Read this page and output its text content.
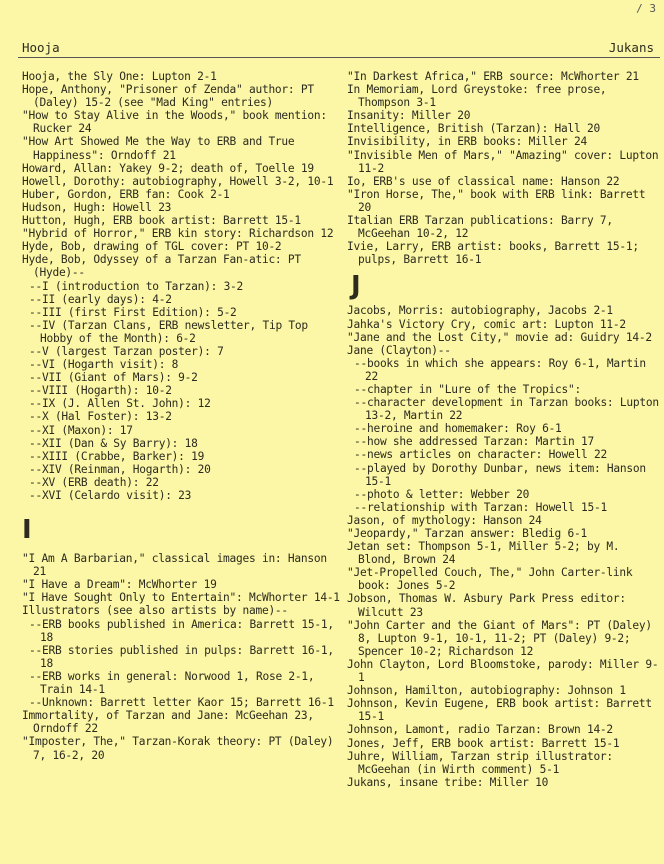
/ 3
Hooja	Jukans
Hooja, the Sly One: Lupton 2-1
Hope, Anthony, "Prisoner of Zenda" author: PT (Daley) 15-2 (see "Mad King" entries)
"How to Stay Alive in the Woods," book mention: Rucker 24
"How Art Showed Me the Way to ERB and True Happiness": Orndoff 21
Howard, Allan: Yakey 9-2; death of, Toelle 19
Howell, Dorothy: autobiography, Howell 3-2, 10-1
Huber, Gordon, ERB fan: Cook 2-1
Hudson, Hugh: Howell 23
Hutton, Hugh, ERB book artist: Barrett 15-1
"Hybrid of Horror," ERB kin story: Richardson 12
Hyde, Bob, drawing of TGL cover: PT 10-2
Hyde, Bob, Odyssey of a Tarzan Fan-atic: PT (Hyde)--
--I (introduction to Tarzan): 3-2
--II (early days): 4-2
--III (first First Edition): 5-2
--IV (Tarzan Clans, ERB newsletter, Tip Top Hobby of the Month): 6-2
--V (largest Tarzan poster): 7
--VI (Hogarth visit): 8
--VII (Giant of Mars): 9-2
--VIII (Hogarth): 10-2
--IX (J. Allen St. John): 12
--X (Hal Foster): 13-2
--XI (Maxon): 17
--XII (Dan & Sy Barry): 18
--XIII (Crabbe, Barker): 19
--XIV (Reinman, Hogarth): 20
--XV (ERB death): 22
--XVI (Celardo visit): 23
I
"I Am A Barbarian," classical images in: Hanson 21
"I Have a Dream": McWhorter 19
"I Have Sought Only to Entertain": McWhorter 14-1
Illustrators (see also artists by name)--
--ERB books published in America: Barrett 15-1, 18
--ERB stories published in pulps: Barrett 16-1, 18
--ERB works in general: Norwood 1, Rose 2-1, Train 14-1
--Unknown: Barrett letter Kaor 15; Barrett 16-1
Immortality, of Tarzan and Jane: McGeehan 23, Orndoff 22
"Imposter, The," Tarzan-Korak theory: PT (Daley) 7, 16-2, 20
"In Darkest Africa," ERB source: McWhorter 21
In Memoriam, Lord Greystoke: free prose, Thompson 3-1
Insanity: Miller 20
Intelligence, British (Tarzan): Hall 20
Invisibility, in ERB books: Miller 24
"Invisible Men of Mars," "Amazing" cover: Lupton 11-2
Io, ERB's use of classical name: Hanson 22
"Iron Horse, The," book with ERB link: Barrett 20
Italian ERB Tarzan publications: Barry 7, McGeehan 10-2, 12
Ivie, Larry, ERB artist: books, Barrett 15-1; pulps, Barrett 16-1
J
Jacobs, Morris: autobiography, Jacobs 2-1
Jahka's Victory Cry, comic art: Lupton 11-2
"Jane and the Lost City," movie ad: Guidry 14-2
Jane (Clayton)--
--books in which she appears: Roy 6-1, Martin 22
--chapter in "Lure of the Tropics":
--character development in Tarzan books: Lupton 13-2, Martin 22
--heroine and homemaker: Roy 6-1
--how she addressed Tarzan: Martin 17
--news articles on character: Howell 22
--played by Dorothy Dunbar, news item: Hanson 15-1
--photo & letter: Webber 20
--relationship with Tarzan: Howell 15-1
Jason, of mythology: Hanson 24
"Jeopardy," Tarzan answer: Bledig 6-1
Jetan set: Thompson 5-1, Miller 5-2; by M. Blond, Brown 24
"Jet-Propelled Couch, The," John Carter-link book: Jones 5-2
Jobson, Thomas W. Asbury Park Press editor: Wilcutt 23
"John Carter and the Giant of Mars": PT (Daley) 8, Lupton 9-1, 10-1, 11-2; PT (Daley) 9-2; Spencer 10-2; Richardson 12
John Clayton, Lord Bloomstoke, parody: Miller 9-1
Johnson, Hamilton, autobiography: Johnson 1
Johnson, Kevin Eugene, ERB book artist: Barrett 15-1
Johnson, Lamont, radio Tarzan: Brown 14-2
Jones, Jeff, ERB book artist: Barrett 15-1
Juhre, William, Tarzan strip illustrator: McGeehan (in Wirth comment) 5-1
Jukans, insane tribe: Miller 10
